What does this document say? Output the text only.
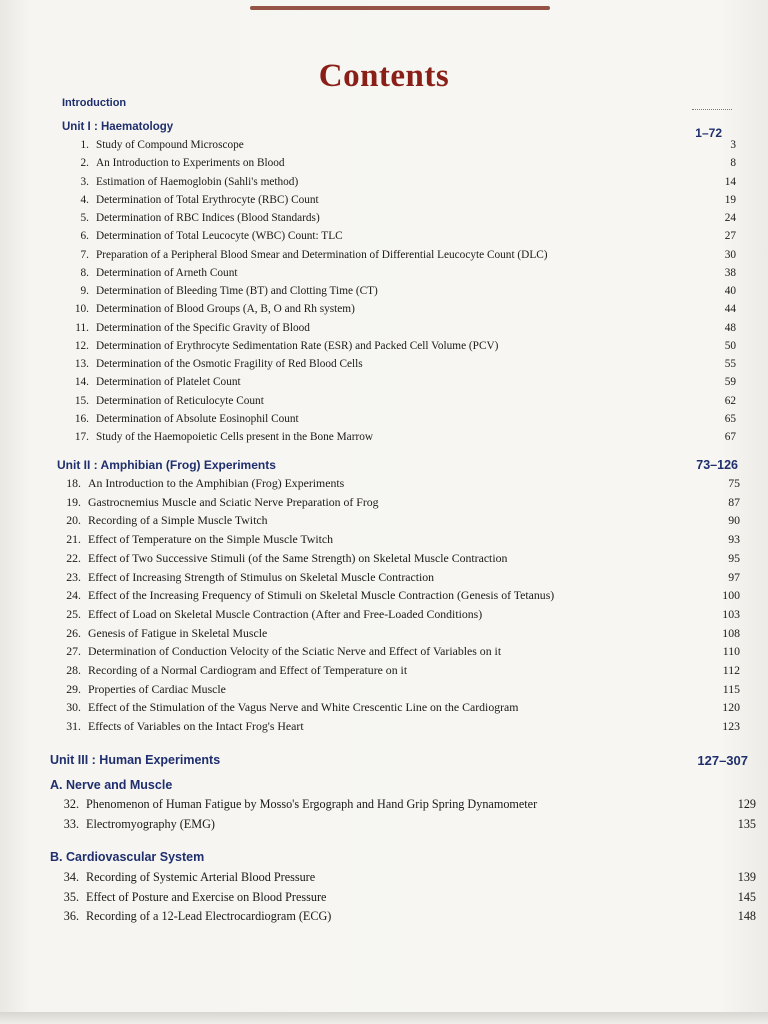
Contents
Introduction
Unit I : Haematology	1–72
1. Study of Compound Microscope	3
2. An Introduction to Experiments on Blood	8
3. Estimation of Haemoglobin (Sahli's method)	14
4. Determination of Total Erythrocyte (RBC) Count	19
5. Determination of RBC Indices (Blood Standards)	24
6. Determination of Total Leucocyte (WBC) Count: TLC	27
7. Preparation of a Peripheral Blood Smear and Determination of Differential Leucocyte Count (DLC)	30
8. Determination of Arneth Count	38
9. Determination of Bleeding Time (BT) and Clotting Time (CT)	40
10. Determination of Blood Groups (A, B, O and Rh system)	44
11. Determination of the Specific Gravity of Blood	48
12. Determination of Erythrocyte Sedimentation Rate (ESR) and Packed Cell Volume (PCV)	50
13. Determination of the Osmotic Fragility of Red Blood Cells	55
14. Determination of Platelet Count	59
15. Determination of Reticulocyte Count	62
16. Determination of Absolute Eosinophil Count	65
17. Study of the Haemopoietic Cells present in the Bone Marrow	67
Unit II : Amphibian (Frog) Experiments	73–126
18. An Introduction to the Amphibian (Frog) Experiments	75
19. Gastrocnemius Muscle and Sciatic Nerve Preparation of Frog	87
20. Recording of a Simple Muscle Twitch	90
21. Effect of Temperature on the Simple Muscle Twitch	93
22. Effect of Two Successive Stimuli (of the Same Strength) on Skeletal Muscle Contraction	95
23. Effect of Increasing Strength of Stimulus on Skeletal Muscle Contraction	97
24. Effect of the Increasing Frequency of Stimuli on Skeletal Muscle Contraction (Genesis of Tetanus)	100
25. Effect of Load on Skeletal Muscle Contraction (After and Free-Loaded Conditions)	103
26. Genesis of Fatigue in Skeletal Muscle	108
27. Determination of Conduction Velocity of the Sciatic Nerve and Effect of Variables on it	110
28. Recording of a Normal Cardiogram and Effect of Temperature on it	112
29. Properties of Cardiac Muscle	115
30. Effect of the Stimulation of the Vagus Nerve and White Crescentic Line on the Cardiogram	120
31. Effects of Variables on the Intact Frog's Heart	123
Unit III : Human Experiments	127–307
A. Nerve and Muscle
32. Phenomenon of Human Fatigue by Mosso's Ergograph and Hand Grip Spring Dynamometer	129
33. Electromyography (EMG)	135
B. Cardiovascular System
34. Recording of Systemic Arterial Blood Pressure	139
35. Effect of Posture and Exercise on Blood Pressure	145
36. Recording of a 12-Lead Electrocardiogram (ECG)	148
